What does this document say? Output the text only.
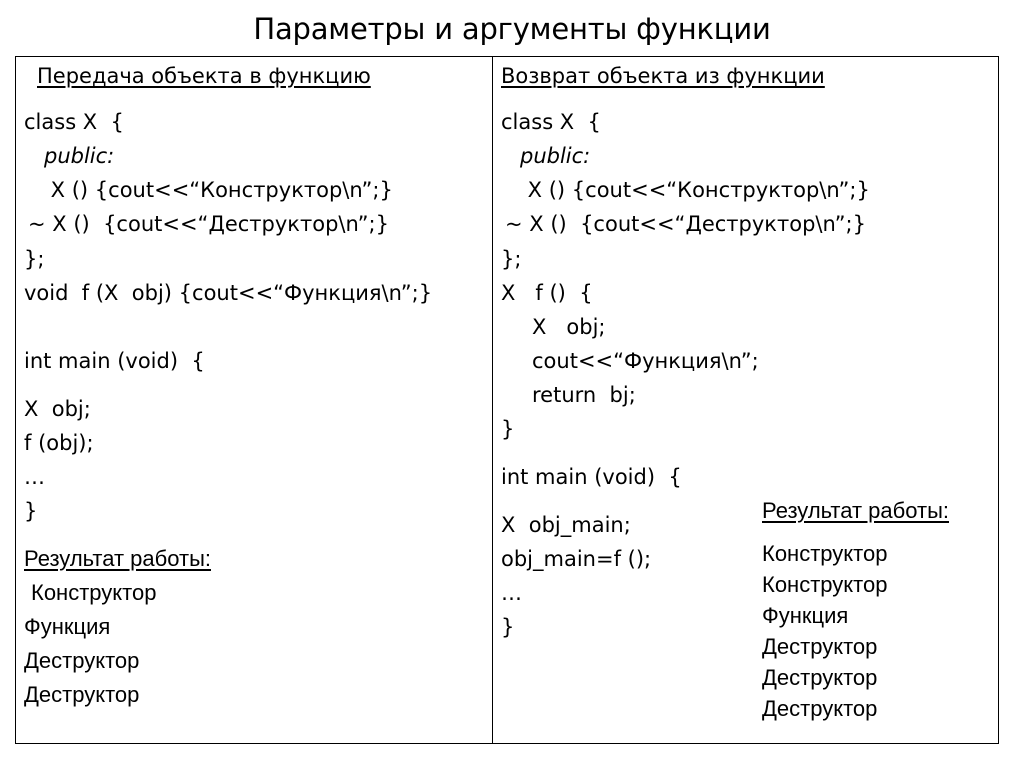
Параметры и аргументы функции
Передача объекта в функцию
class X  {
public:
X () {cout<<“Конструктор\n”;}
~ X ()  {cout<<“Деструктор\n”;}
};
void  f (X  obj) {cout<<“Функция\n”;}
int main (void)  {
X  obj;
f (obj);
…
}
Результат работы:
Конструктор
Функция
Деструктор
Деструктор
Возврат объекта из функции
class X  {
public:
X () {cout<<“Конструктор\n”;}
~ X ()  {cout<<“Деструктор\n”;}
};
X   f ()  {
X   obj;
cout<<“Функция\n”;
return  bj;
}
int main (void)  {
X  obj_main;
obj_main=f ();
…
}
Результат работы:
Конструктор
Конструктор
Функция
Деструктор
Деструктор
Деструктор
